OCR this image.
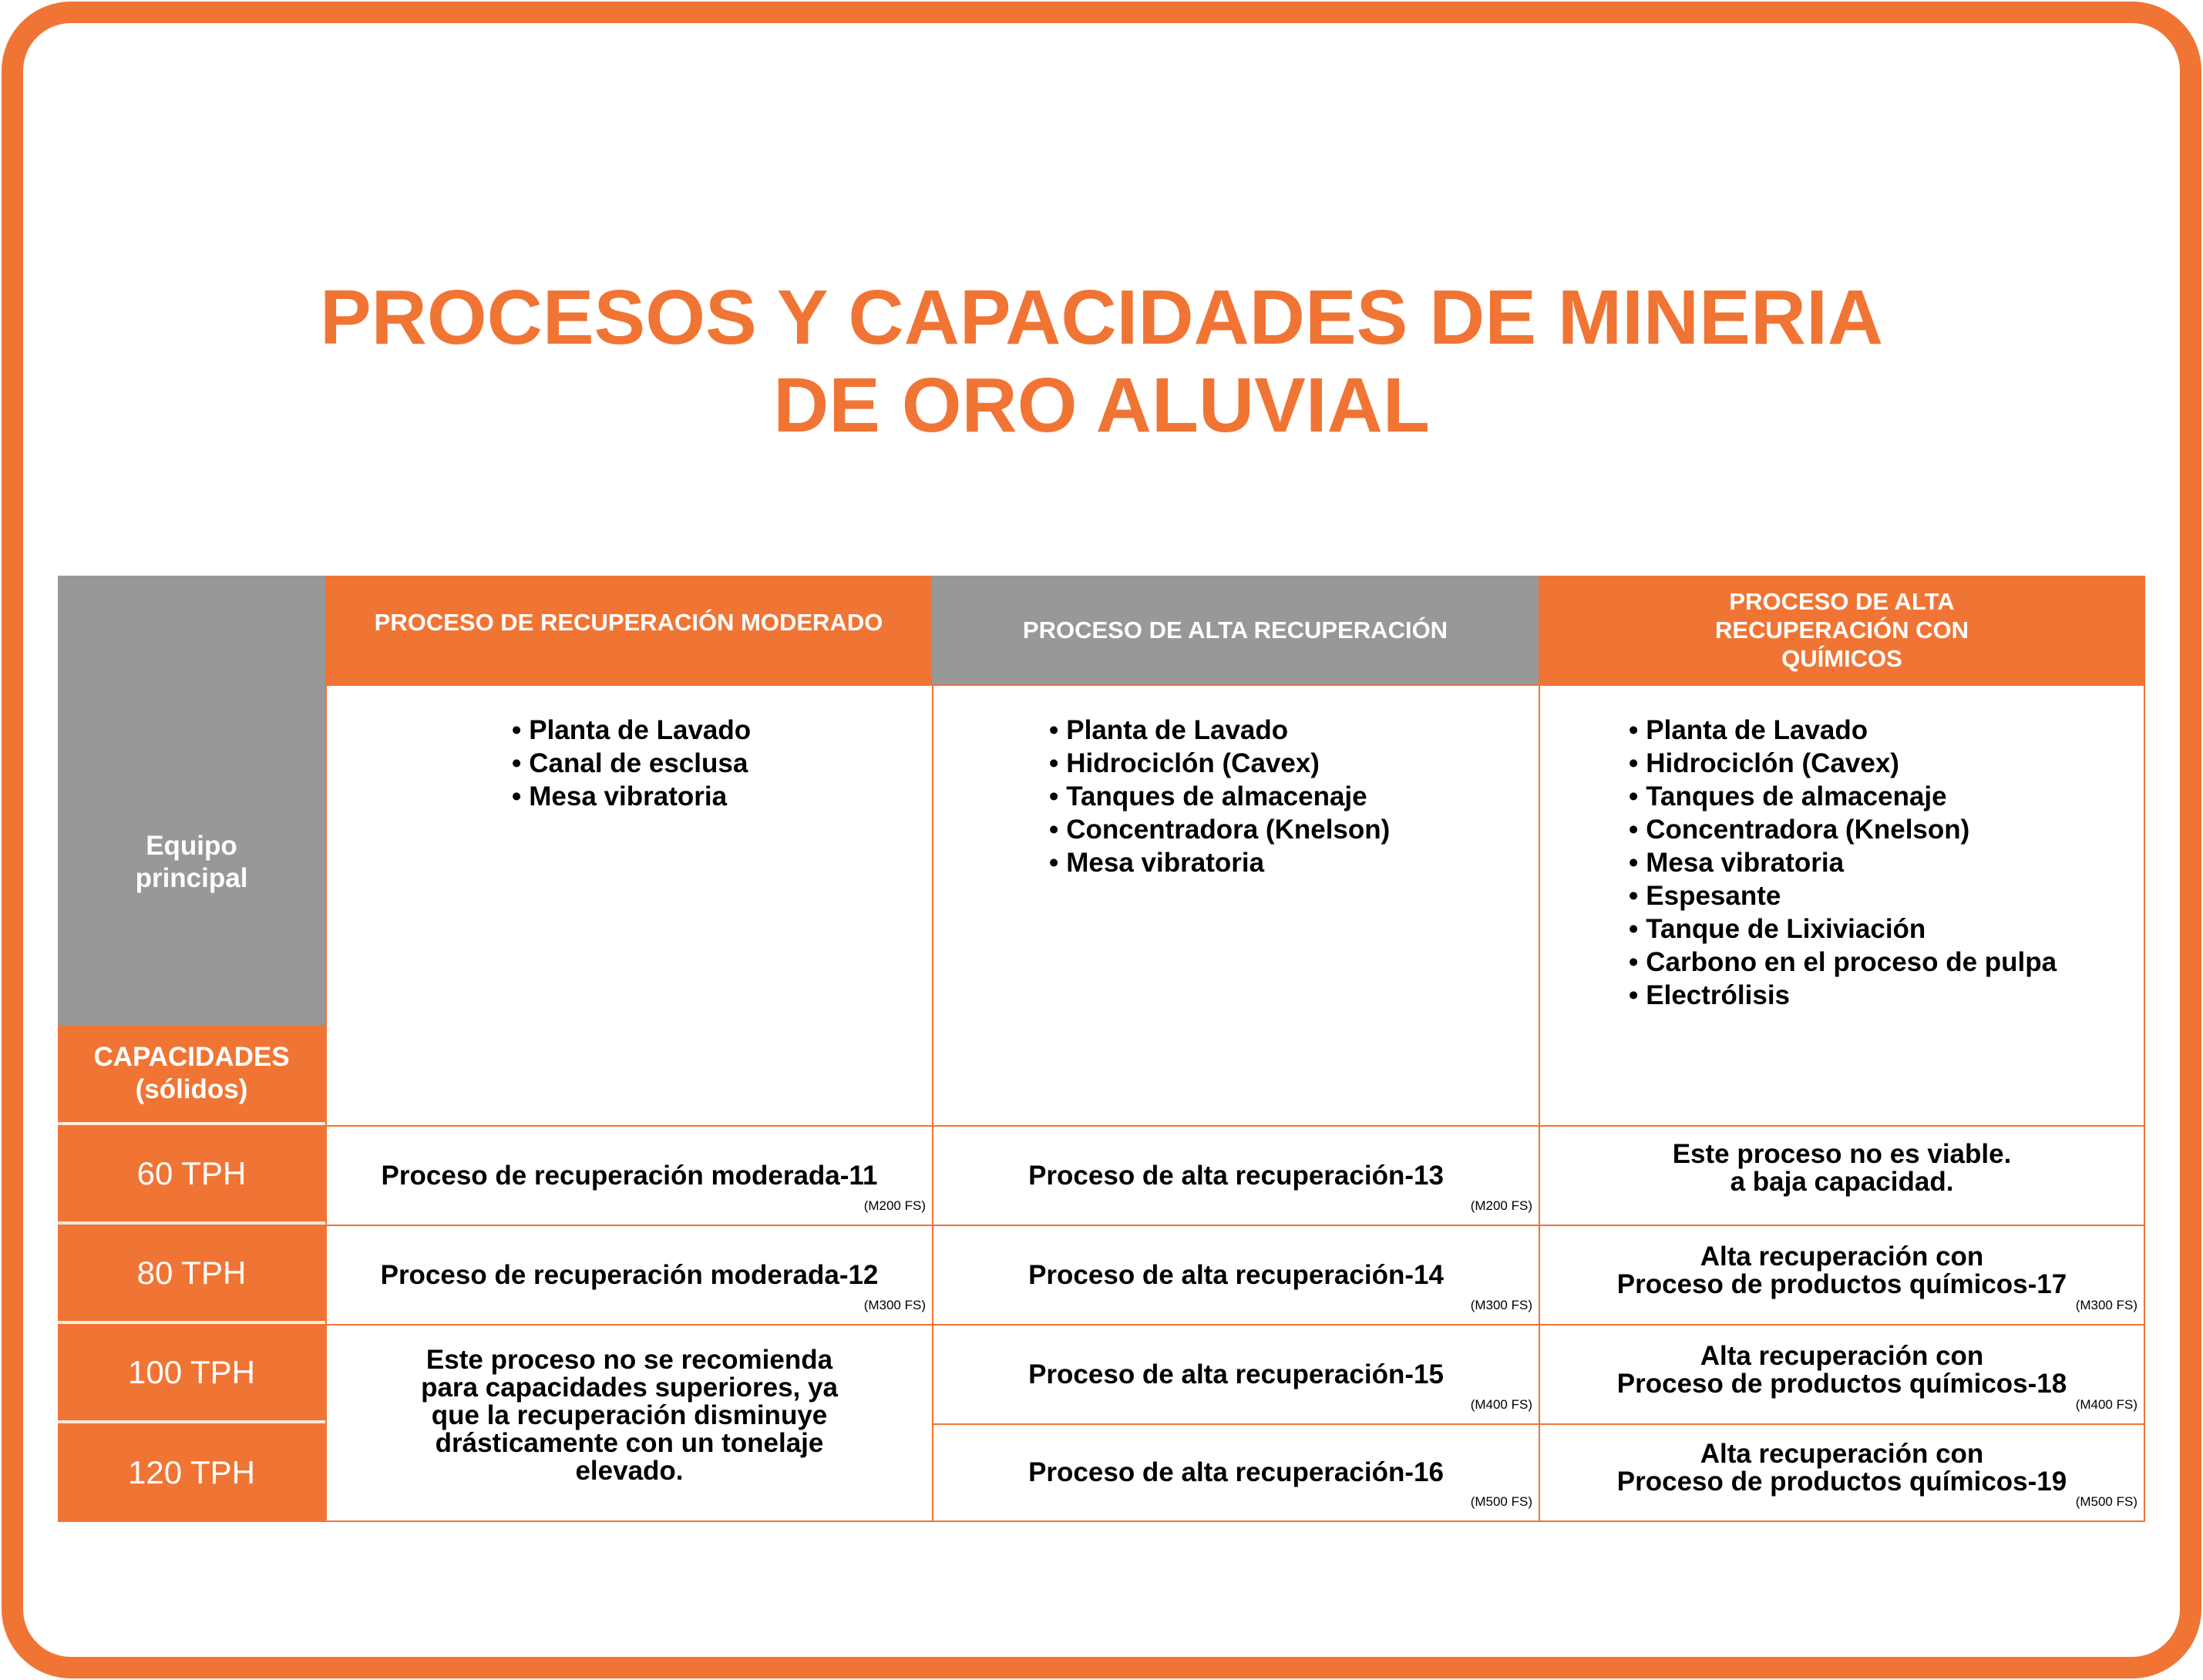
PROCESOS Y CAPACIDADES DE MINERIA
DE ORO ALUVIAL
Equipo principal
CAPACIDADES (sólidos)
PROCESO DE RECUPERACIÓN MODERADO	PROCESO DE ALTA RECUPERACIÓN
PROCESO DE ALTA RECUPERACIÓN CON QUÍMICOS
• Planta de Lavado
• Canal de esclusa
• Mesa vibratoria
• Planta de Lavado
• Hidrociclón (Cavex)
• Tanques de almacenaje
• Concentradora (Knelson)
• Mesa vibratoria
• Planta de Lavado
• Hidrociclón (Cavex)
• Tanques de almacenaje
• Concentradora (Knelson)
• Mesa vibratoria
• Espesante
• Tanque de Lixiviación
• Carbono en el proceso de pulpa
• Electrólisis
60 TPH
80 TPH
100 TPH
120 TPH
Proceso de recuperación moderada-11
(M200 FS)
Proceso de recuperación moderada-12
(M300 FS)
Este proceso no se recomienda para capacidades superiores, ya que la recuperación disminuye drásticamente con un tonelaje elevado.
Proceso de alta recuperación-13
(M200 FS)
Proceso de alta recuperación-14
(M300 FS)
Proceso de alta recuperación-15
(M400 FS)
Proceso de alta recuperación-16
(M500 FS)
Este proceso no es viable.
a baja capacidad.
Alta recuperación con
Proceso de productos químicos-17
(M300 FS)
Alta recuperación con
Proceso de productos químicos-18
(M400 FS)
Alta recuperación con
Proceso de productos químicos-19
(M500 FS)
